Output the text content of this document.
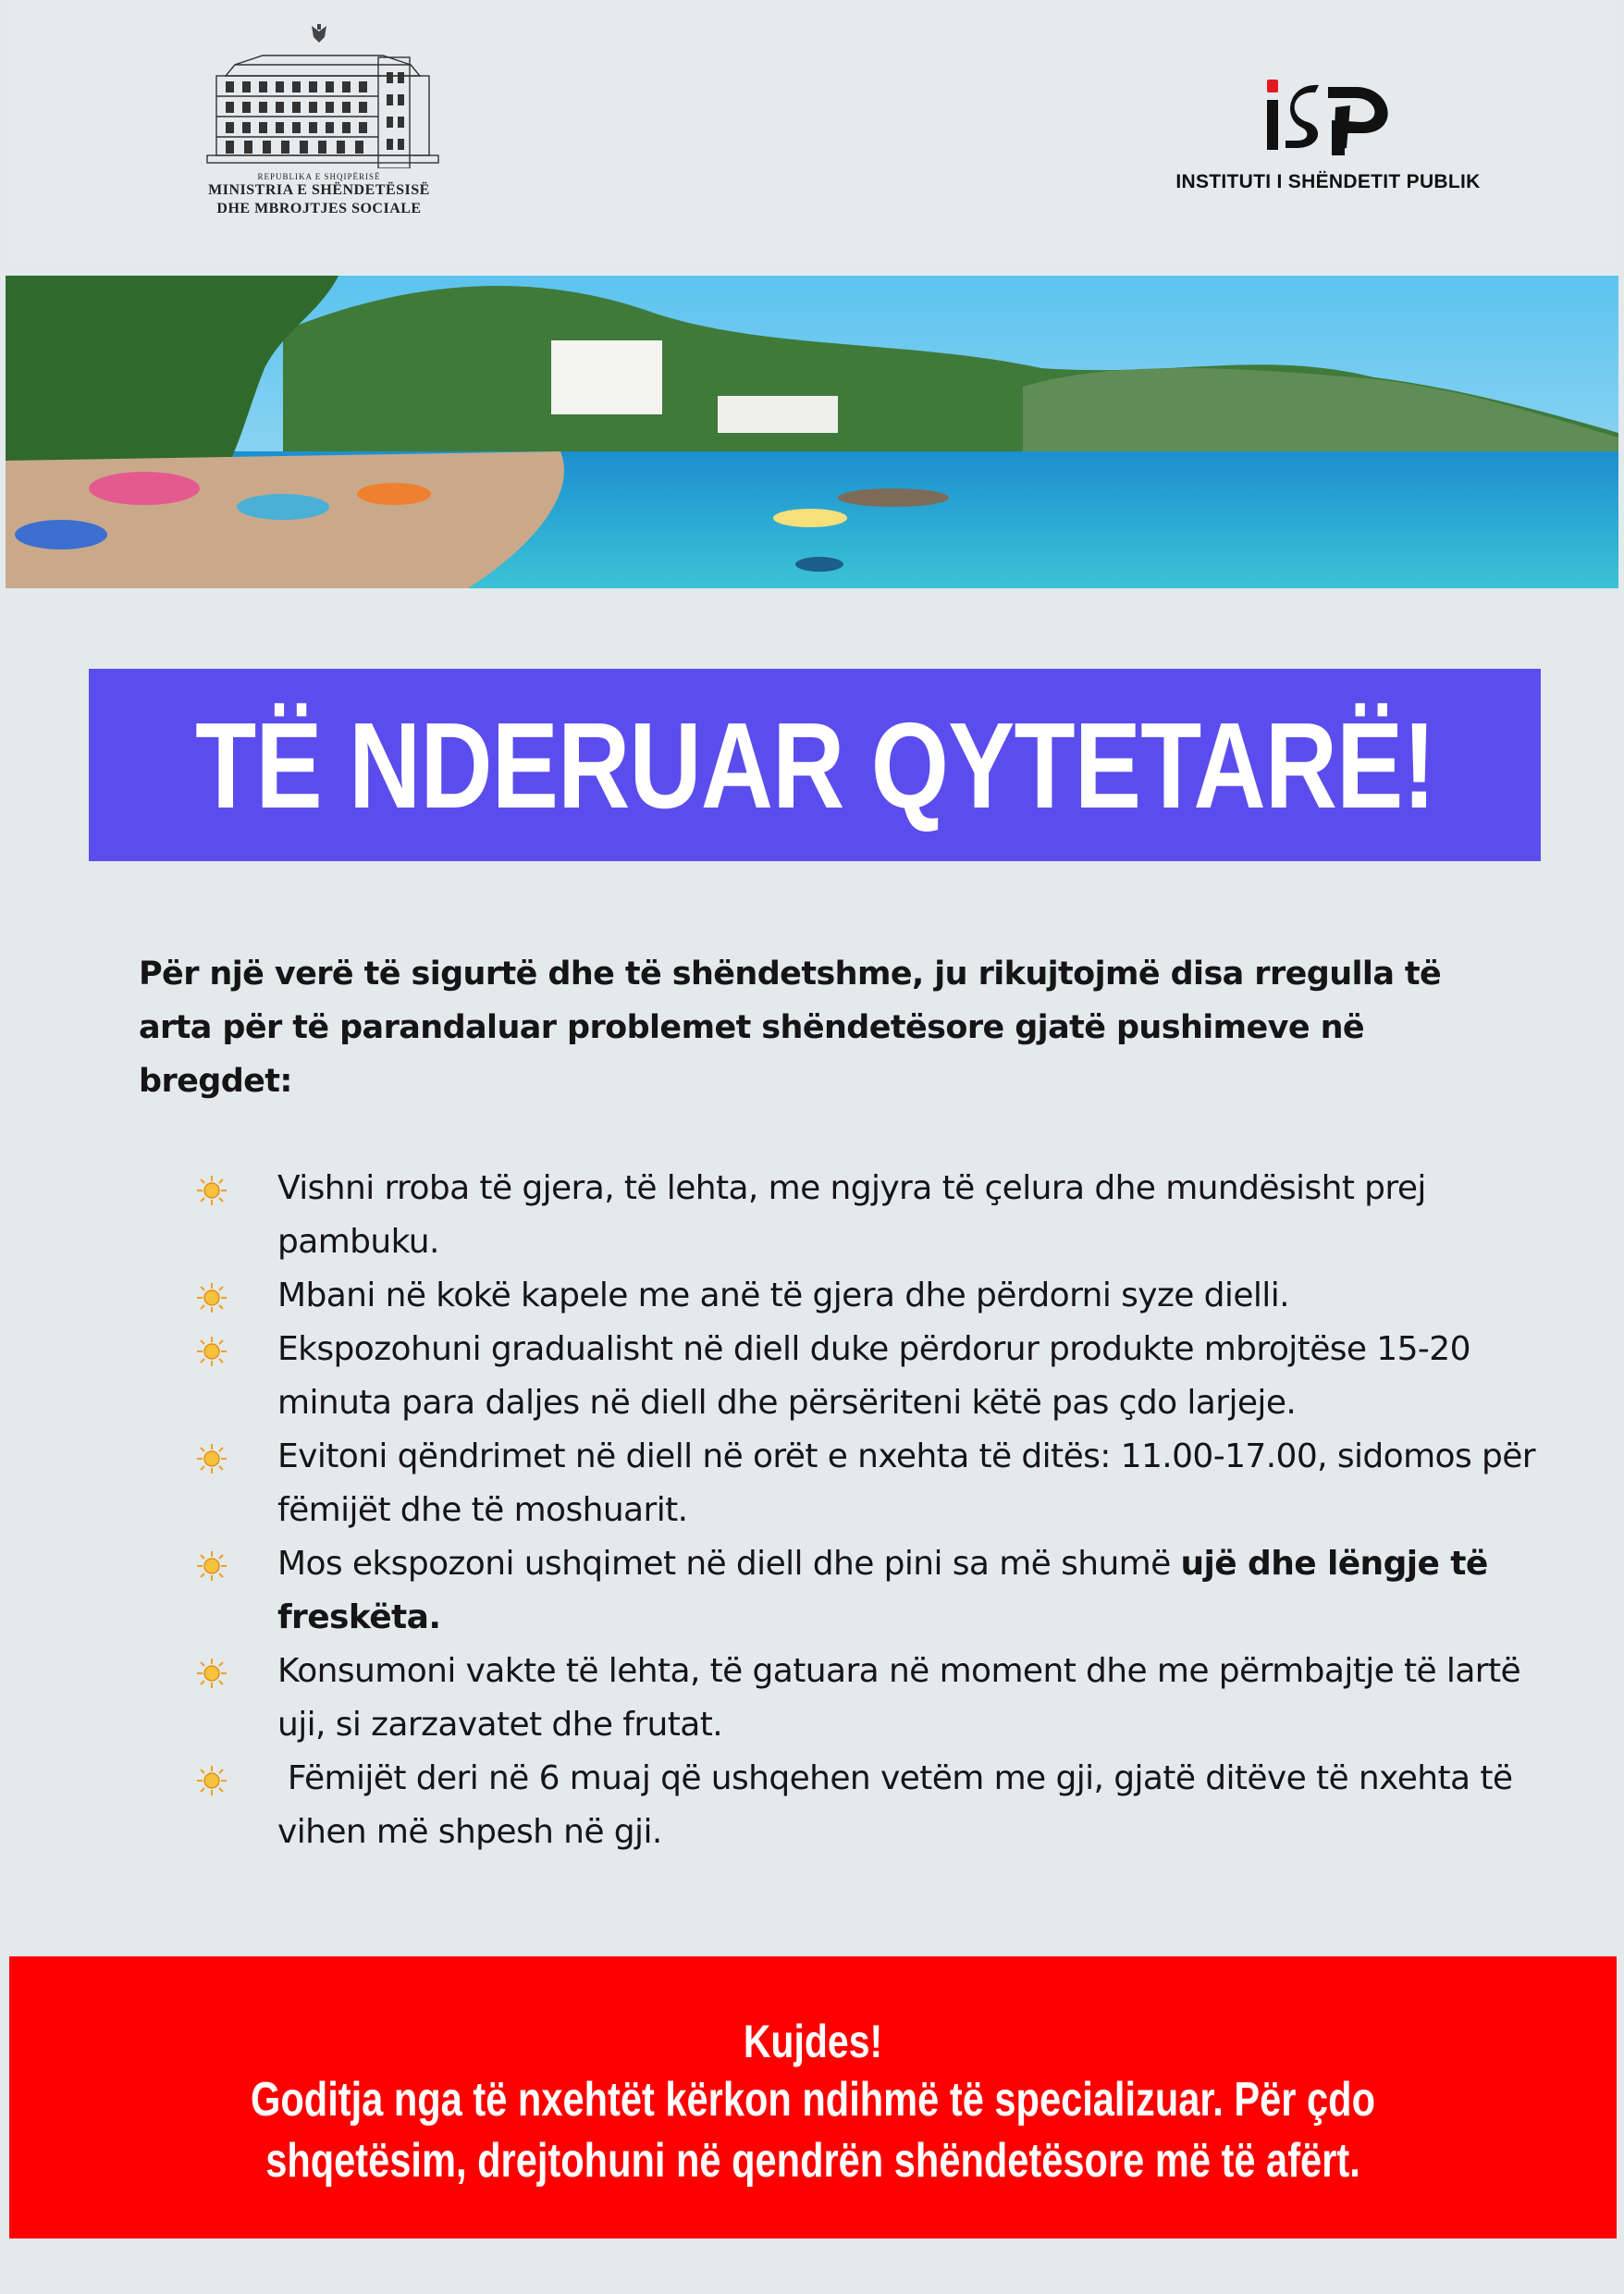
REPUBLIKA E SHQIPËRISË
MINISTRIA E SHËNDETËSISË
DHE MBROJTJES SOCIALE
INSTITUTI I SHËNDETIT PUBLIK
TË NDERUAR QYTETARË!

Për një verë të sigurtë dhe të shëndetshme, ju rikujtojmë disa rregulla të arta për të parandaluar problemet shëndetësore gjatë pushimeve në bregdet:

Vishni rroba të gjera, të lehta, me ngjyra të çelura dhe mundësisht prej pambuku.
Mbani në kokë kapele me anë të gjera dhe përdorni syze dielli.
Ekspozohuni gradualisht në diell duke përdorur produkte mbrojtëse 15-20 minuta para daljes në diell dhe përsëriteni këtë pas çdo larjeje.
Evitoni qëndrimet në diell në orët e nxehta të ditës: 11.00-17.00, sidomos për fëmijët dhe të moshuarit.
Mos ekspozoni ushqimet në diell dhe pini sa më shumë ujë dhe lëngje të freskëta.
Konsumoni vakte të lehta, të gatuara në moment dhe me përmbajtje të lartë uji, si zarzavatet dhe frutat.
Fëmijët deri në 6 muaj që ushqehen vetëm me gji, gjatë ditëve të nxehta të vihen më shpesh në gji.
Kujdes!
Goditja nga të nxehtët kërkon ndihmë të specializuar. Për çdo
shqetësim, drejtohuni në qendrën shëndetësore më të afërt.
